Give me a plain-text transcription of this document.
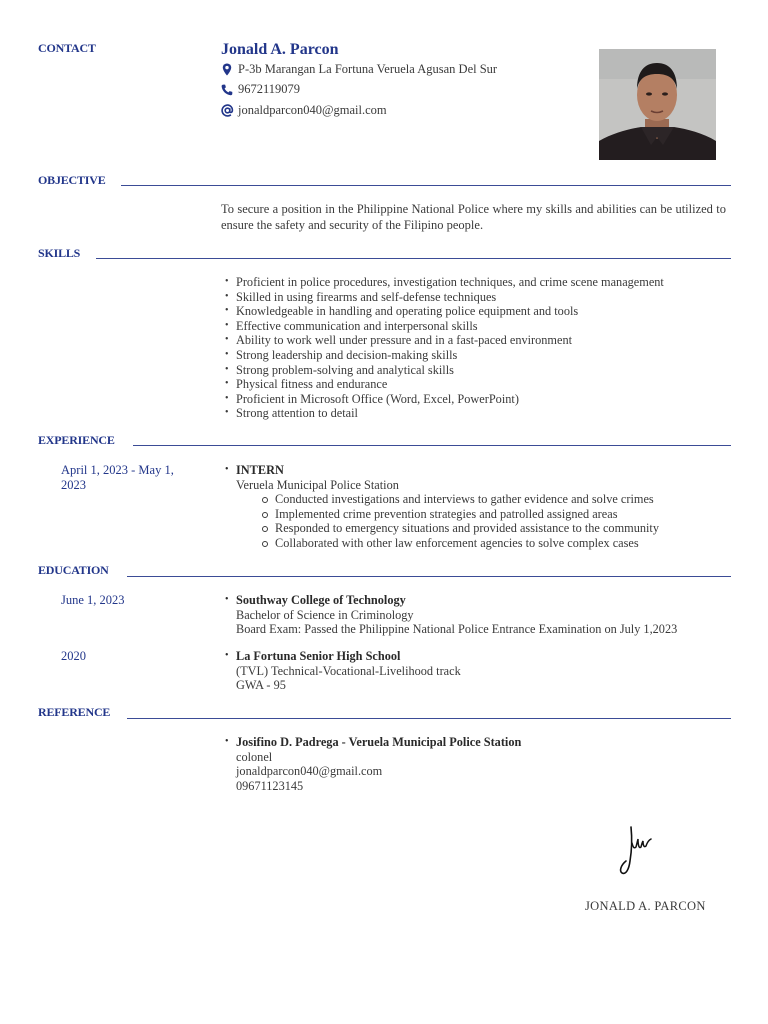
CONTACT	Jonald A. Parcon
P-3b Marangan La Fortuna Veruela Agusan Del Sur
9672119079
jonaldparcon040@gmail.com
OBJECTIVE
To secure a position in the Philippine National Police where my skills and abilities can be utilized to ensure the safety and security of the Filipino people.
SKILLS
• Proficient in police procedures, investigation techniques, and crime scene management
• Skilled in using firearms and self-defense techniques
• Knowledgeable in handling and operating police equipment and tools
• Effective communication and interpersonal skills
• Ability to work well under pressure and in a fast-paced environment
• Strong leadership and decision-making skills
• Strong problem-solving and analytical skills
• Physical fitness and endurance
• Proficient in Microsoft Office (Word, Excel, PowerPoint)
• Strong attention to detail
EXPERIENCE
April 1, 2023 - May 1, 2023
• INTERN
Veruela Municipal Police Station
Conducted investigations and interviews to gather evidence and solve crimes
Implemented crime prevention strategies and patrolled assigned areas
Responded to emergency situations and provided assistance to the community
Collaborated with other law enforcement agencies to solve complex cases
EDUCATION
June 1, 2023	• Southway College of Technology
Bachelor of Science in Criminology
Board Exam: Passed the Philippine National Police Entrance Examination on July 1,2023
2020	• La Fortuna Senior High School
(TVL) Technical-Vocational-Livelihood track
GWA - 95
REFERENCE
• Josifino D. Padrega - Veruela Municipal Police Station
colonel
jonaldparcon040@gmail.com
09671123145
JONALD A. PARCON
